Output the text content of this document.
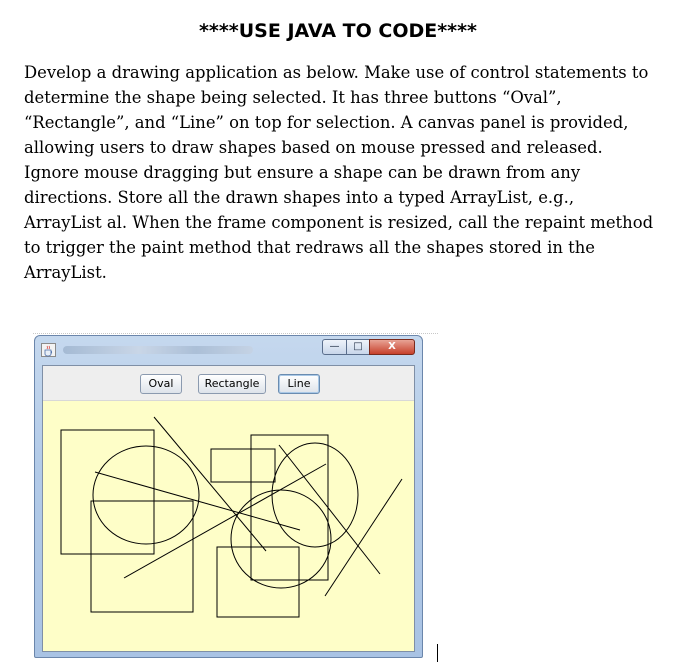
****USE JAVA TO CODE****
Develop a drawing application as below. Make use of control statements to
determine the shape being selected. It has three buttons “Oval”,
“Rectangle”, and “Line” on top for selection. A canvas panel is provided,
allowing users to draw shapes based on mouse pressed and released.
Ignore mouse dragging but ensure a shape can be drawn from any
directions. Store all the drawn shapes into a typed ArrayList, e.g.,
ArrayList al. When the frame component is resized, call the repaint method
to trigger the paint method that redraws all the shapes stored in the
ArrayList.
—	□	X
Oval	Rectangle	Line
